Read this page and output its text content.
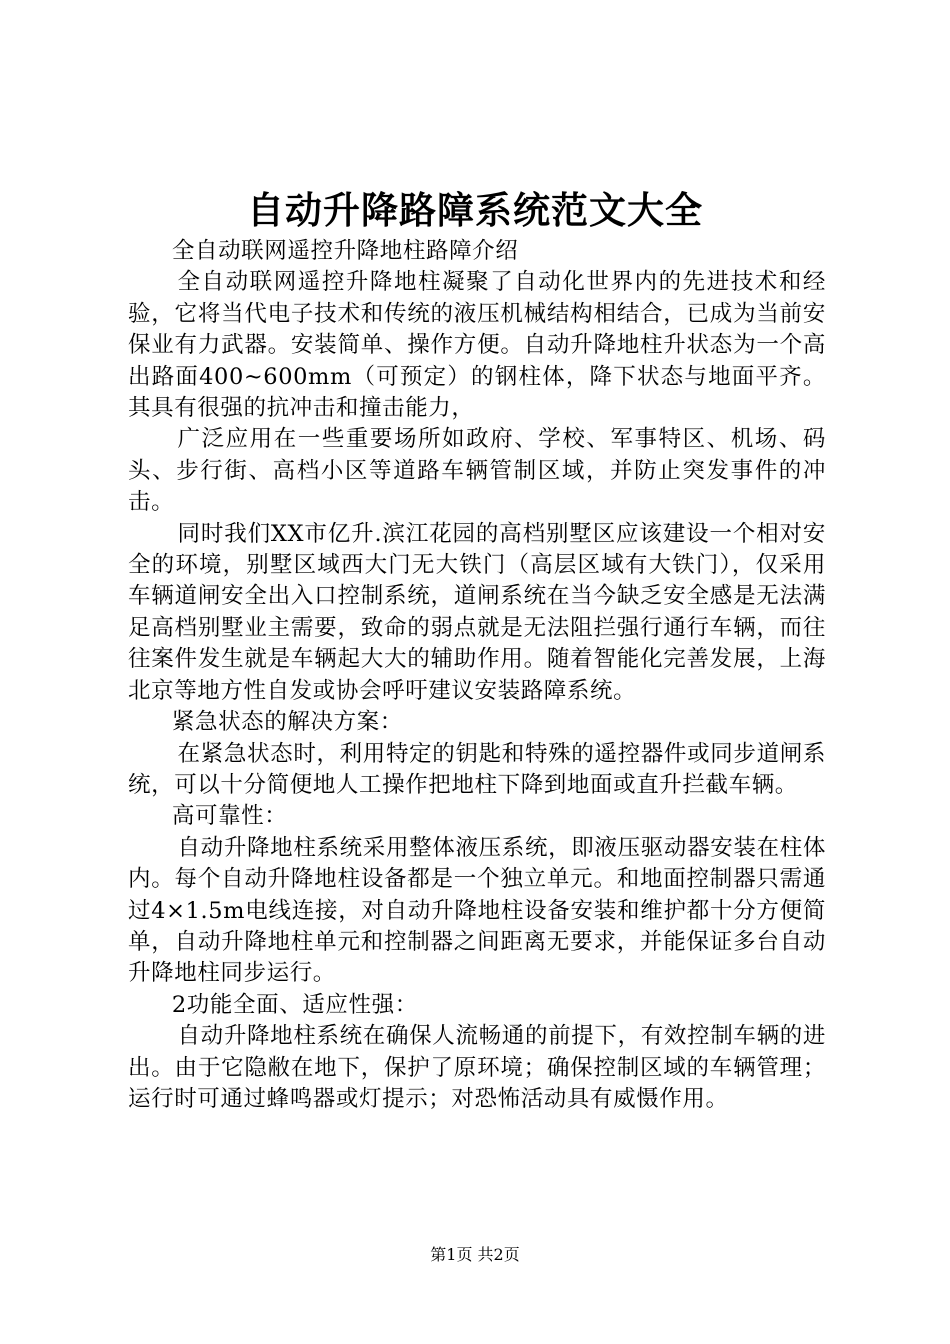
自动升降路障系统范文大全

全自动联网遥控升降地柱路障介绍

全自动联网遥控升降地柱凝聚了自动化世界内的先进技术和经验，它将当代电子技术和传统的液压机械结构相结合，已成为当前安保业有力武器。安装简单、操作方便。自动升降地柱升状态为一个高出路面400~600mm（可预定）的钢柱体，降下状态与地面平齐。其具有很强的抗冲击和撞击能力，

广泛应用在一些重要场所如政府、学校、军事特区、机场、码头、步行街、高档小区等道路车辆管制区域，并防止突发事件的冲击。

同时我们XX市亿升.滨江花园的高档别墅区应该建设一个相对安全的环境，别墅区域西大门无大铁门（高层区域有大铁门），仅采用车辆道闸安全出入口控制系统，道闸系统在当今缺乏安全感是无法满足高档别墅业主需要，致命的弱点就是无法阻拦强行通行车辆，而往往案件发生就是车辆起大大的辅助作用。随着智能化完善发展，上海北京等地方性自发或协会呼吁建议安装路障系统。

紧急状态的解决方案：

在紧急状态时，利用特定的钥匙和特殊的遥控器件或同步道闸系统，可以十分简便地人工操作把地柱下降到地面或直升拦截车辆。

高可靠性：

自动升降地柱系统采用整体液压系统，即液压驱动器安装在柱体内。每个自动升降地柱设备都是一个独立单元。和地面控制器只需通过4×1.5m电线连接，对自动升降地柱设备安装和维护都十分方便简单，自动升降地柱单元和控制器之间距离无要求，并能保证多台自动升降地柱同步运行。

2功能全面、适应性强：

自动升降地柱系统在确保人流畅通的前提下，有效控制车辆的进出。由于它隐敝在地下，保护了原环境；确保控制区域的车辆管理；运行时可通过蜂鸣器或灯提示；对恐怖活动具有威慑作用。

第1页 共2页
